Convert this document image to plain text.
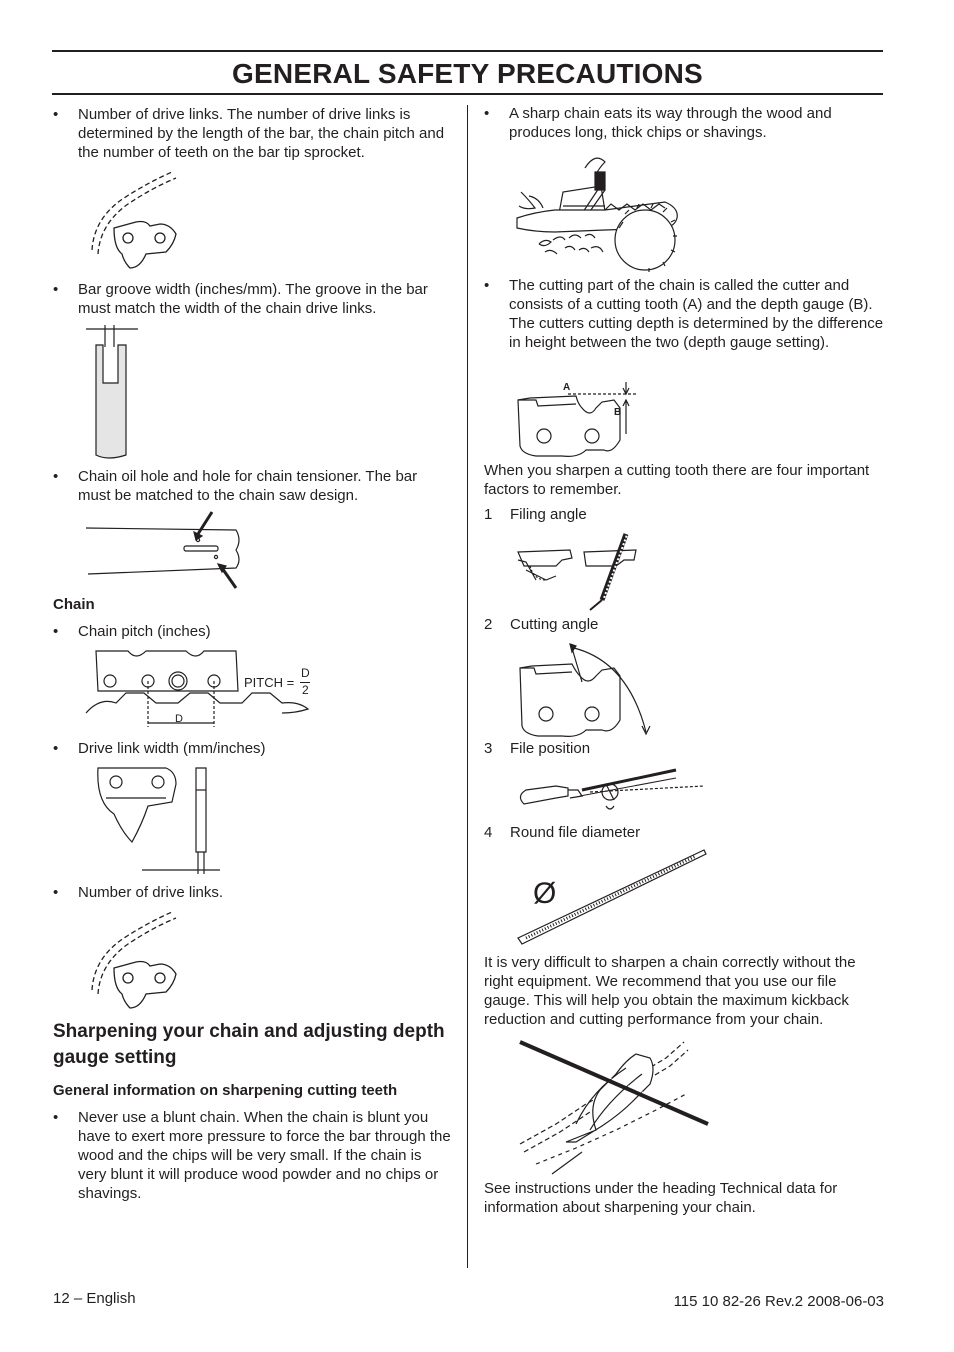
GENERAL SAFETY PRECAUTIONS
• Number of drive links. The number of drive links is determined by the length of the bar, the chain pitch and the number of teeth on the bar tip sprocket.
• Bar groove width (inches/mm). The groove in the bar must match the width of the chain drive links.
• Chain oil hole and hole for chain tensioner. The bar must be matched to the chain saw design.
Chain
• Chain pitch (inches)
PITCH =
D
2
D
• Drive link width (mm/inches)
• Number of drive links.
Sharpening your chain and adjusting depth gauge setting
General information on sharpening cutting teeth
• Never use a blunt chain. When the chain is blunt you have to exert more pressure to force the bar through the wood and the chips will be very small. If the chain is very blunt it will produce wood powder and no chips or shavings.
• A sharp chain eats its way through the wood and produces long, thick chips or shavings.
• The cutting part of the chain is called the cutter and consists of a cutting tooth (A) and the depth gauge (B). The cutters cutting depth is determined by the difference in height between the two (depth gauge setting).
A
B
When you sharpen a cutting tooth there are four important factors to remember.
1 Filing angle
2 Cutting angle
3 File position
4 Round file diameter
Ø
It is very difficult to sharpen a chain correctly without the right equipment. We recommend that you use our file gauge. This will help you obtain the maximum kickback reduction and cutting performance from your chain.
See instructions under the heading Technical data for information about sharpening your chain.
12 – English	115 10 82-26 Rev.2 2008-06-03
